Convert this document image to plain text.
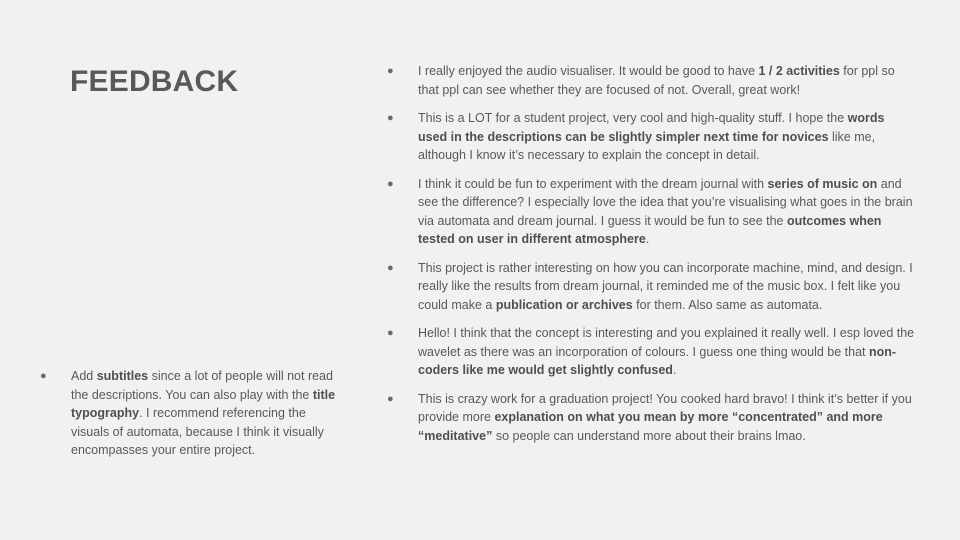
FEEDBACK
● Add subtitles since a lot of people will not read the descriptions. You can also play with the title typography. I recommend referencing the visuals of automata, because I think it visually encompasses your entire project.
● I really enjoyed the audio visualiser. It would be good to have 1 / 2 activities for ppl so that ppl can see whether they are focused of not. Overall, great work!
● This is a LOT for a student project, very cool and high-quality stuff. I hope the words used in the descriptions can be slightly simpler next time for novices like me, although I know it’s necessary to explain the concept in detail.
● I think it could be fun to experiment with the dream journal with series of music on and see the difference? I especially love the idea that you’re visualising what goes in the brain via automata and dream journal. I guess it would be fun to see the outcomes when tested on user in different atmosphere.
● This project is rather interesting on how you can incorporate machine, mind, and design. I really like the results from dream journal, it reminded me of the music box. I felt like you could make a publication or archives for them. Also same as automata.
● Hello! I think that the concept is interesting and you explained it really well. I esp loved the wavelet as there was an incorporation of colours. I guess one thing would be that non-coders like me would get slightly confused.
● This is crazy work for a graduation project! You cooked hard bravo! I think it’s better if you provide more explanation on what you mean by more “concentrated” and more “meditative” so people can understand more about their brains lmao.
